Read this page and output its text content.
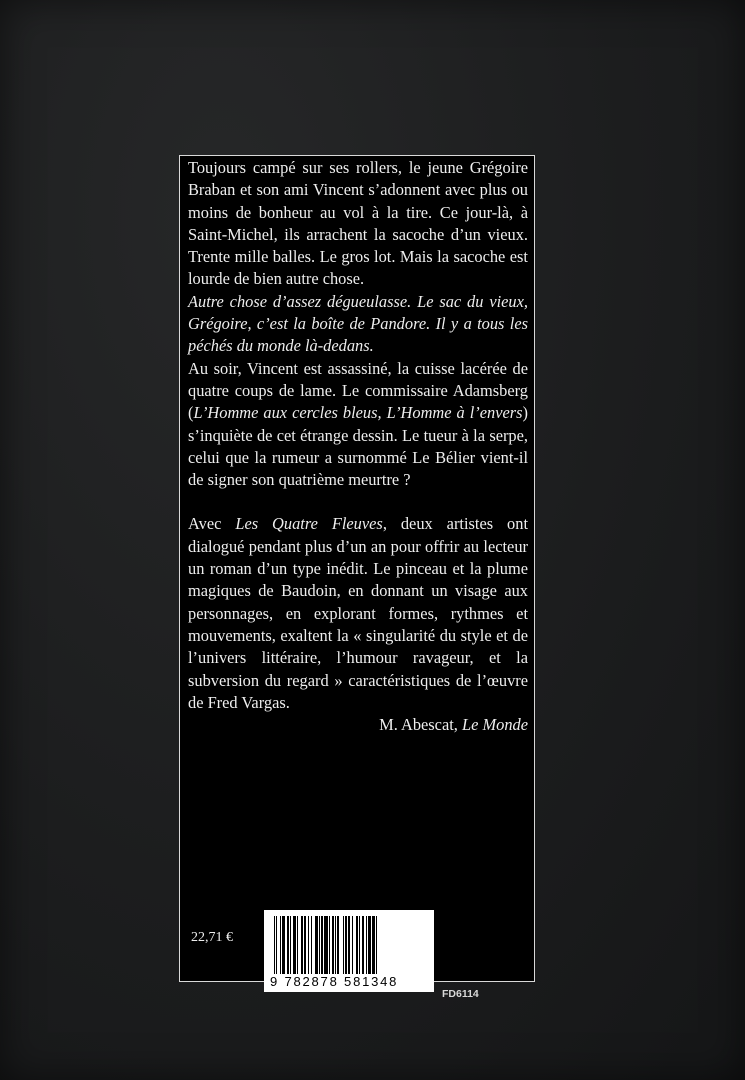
Toujours campé sur ses rollers, le jeune Grégoire Braban et son ami Vincent s’adonnent avec plus ou moins de bonheur au vol à la tire. Ce jour-là, à Saint-Michel, ils arrachent la sacoche d’un vieux. Trente mille balles. Le gros lot. Mais la sacoche est lourde de bien autre chose.

Autre chose d’assez dégueulasse. Le sac du vieux, Grégoire, c’est la boîte de Pandore. Il y a tous les péchés du monde là-dedans.

Au soir, Vincent est assassiné, la cuisse lacérée de quatre coups de lame. Le commissaire Adamsberg (L’Homme aux cercles bleus, L’Homme à l’envers) s’inquiète de cet étrange dessin. Le tueur à la serpe, celui que la rumeur a surnommé Le Bélier vient-il de signer son quatrième meurtre ?

Avec Les Quatre Fleuves, deux artistes ont dialogué pendant plus d’un an pour offrir au lecteur un roman d’un type inédit. Le pinceau et la plume magiques de Baudoin, en donnant un visage aux personnages, en explorant formes, rythmes et mouvements, exaltent la « singularité du style et de l’univers littéraire, l’humour ravageur, et la subversion du regard » caractéristiques de l’œuvre de Fred Vargas.

M. Abescat, Le Monde

22,71 €
9 782878 581348
FD6114
